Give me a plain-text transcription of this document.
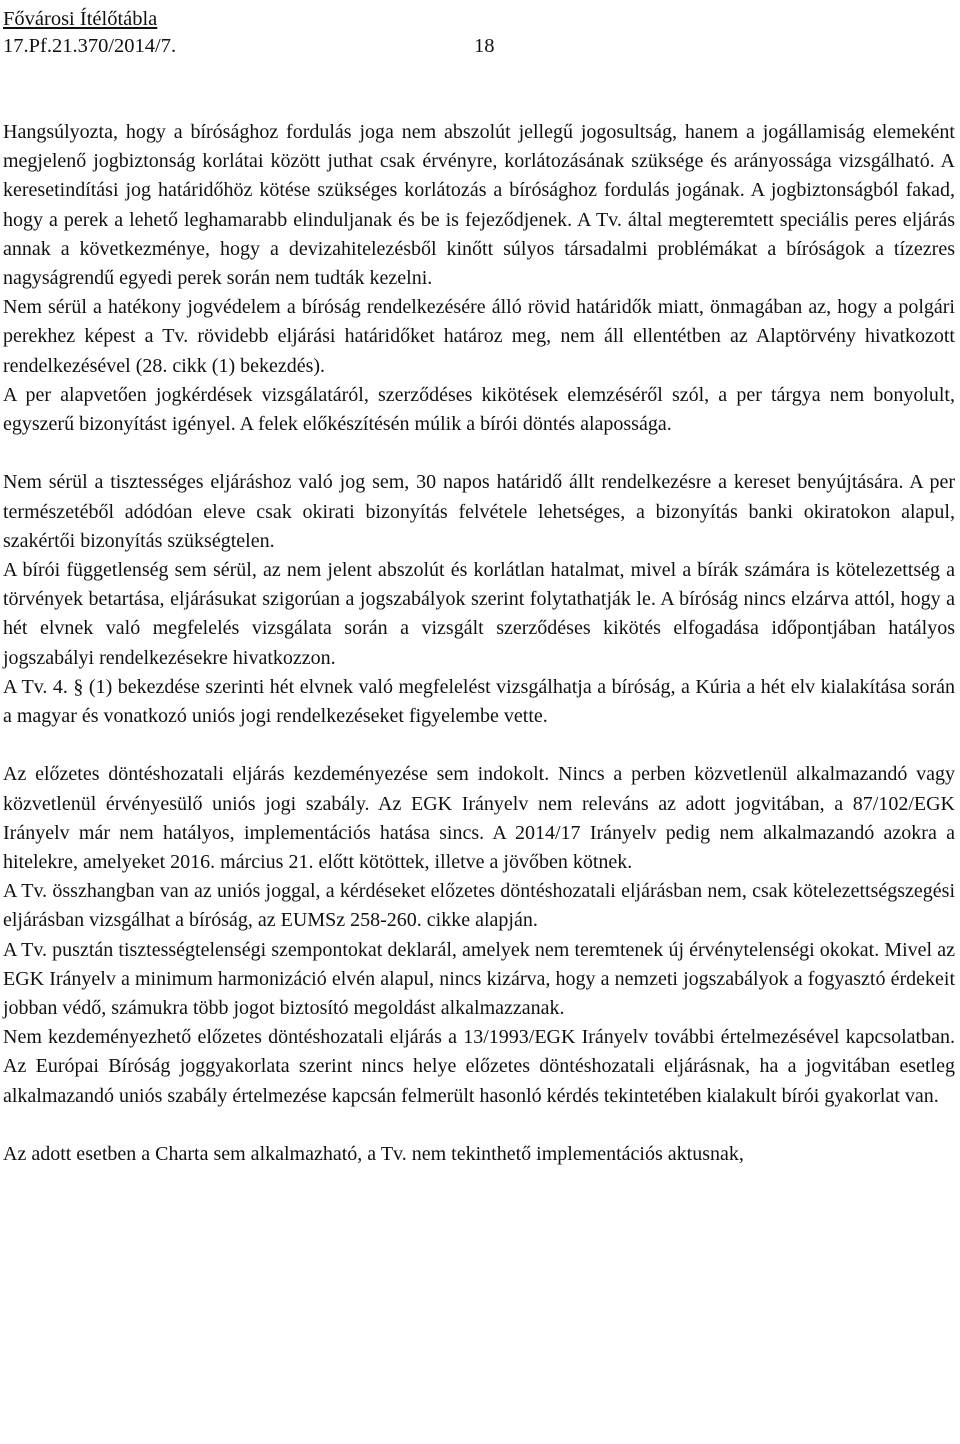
Fővárosi Ítélőtábla
17.Pf.21.370/2014/7.	18

Hangsúlyozta, hogy a bírósághoz fordulás joga nem abszolút jellegű jogosultság, hanem a jogállamiság elemeként megjelenő jogbiztonság korlátai között juthat csak érvényre, korlátozásának szüksége és arányossága vizsgálható. A keresetindítási jog határidőhöz kötése szükséges korlátozás a bírósághoz fordulás jogának. A jogbiztonságból fakad, hogy a perek a lehető leghamarabb elinduljanak és be is fejeződjenek. A Tv. által megteremtett speciális peres eljárás annak a következménye, hogy a devizahitelezésből kinőtt súlyos társadalmi problémákat a bíróságok a tízezres nagyságrendű egyedi perek során nem tudták kezelni.

Nem sérül a hatékony jogvédelem a bíróság rendelkezésére álló rövid határidők miatt, önmagában az, hogy a polgári perekhez képest a Tv. rövidebb eljárási határidőket határoz meg, nem áll ellentétben az Alaptörvény hivatkozott rendelkezésével (28. cikk (1) bekezdés).

A per alapvetően jogkérdések vizsgálatáról, szerződéses kikötések elemzéséről szól, a per tárgya nem bonyolult, egyszerű bizonyítást igényel. A felek előkészítésén múlik a bírói döntés alapossága.

Nem sérül a tisztességes eljáráshoz való jog sem, 30 napos határidő állt rendelkezésre a kereset benyújtására. A per természetéből adódóan eleve csak okirati bizonyítás felvétele lehetséges, a bizonyítás banki okiratokon alapul, szakértői bizonyítás szükségtelen.

A bírói függetlenség sem sérül, az nem jelent abszolút és korlátlan hatalmat, mivel a bírák számára is kötelezettség a törvények betartása, eljárásukat szigorúan a jogszabályok szerint folytathatják le. A bíróság nincs elzárva attól, hogy a hét elvnek való megfelelés vizsgálata során a vizsgált szerződéses kikötés elfogadása időpontjában hatályos jogszabályi rendelkezésekre hivatkozzon.

A Tv. 4. § (1) bekezdése szerinti hét elvnek való megfelelést vizsgálhatja a bíróság, a Kúria a hét elv kialakítása során a magyar és vonatkozó uniós jogi rendelkezéseket figyelembe vette.

Az előzetes döntéshozatali eljárás kezdeményezése sem indokolt. Nincs a perben közvetlenül alkalmazandó vagy közvetlenül érvényesülő uniós jogi szabály. Az EGK Irányelv nem releváns az adott jogvitában, a 87/102/EGK Irányelv már nem hatályos, implementációs hatása sincs. A 2014/17 Irányelv pedig nem alkalmazandó azokra a hitelekre, amelyeket 2016. március 21. előtt kötöttek, illetve a jövőben kötnek.

A Tv. összhangban van az uniós joggal, a kérdéseket előzetes döntéshozatali eljárásban nem, csak kötelezettségszegési eljárásban vizsgálhat a bíróság, az EUMSz 258-260. cikke alapján.

A Tv. pusztán tisztességtelenségi szempontokat deklarál, amelyek nem teremtenek új érvénytelenségi okokat. Mivel az EGK Irányelv a minimum harmonizáció elvén alapul, nincs kizárva, hogy a nemzeti jogszabályok a fogyasztó érdekeit jobban védő, számukra több jogot biztosító megoldást alkalmazzanak.

Nem kezdeményezhető előzetes döntéshozatali eljárás a 13/1993/EGK Irányelv további értelmezésével kapcsolatban. Az Európai Bíróság joggyakorlata szerint nincs helye előzetes döntéshozatali eljárásnak, ha a jogvitában esetleg alkalmazandó uniós szabály értelmezése kapcsán felmerült hasonló kérdés tekintetében kialakult bírói gyakorlat van.

Az adott esetben a Charta sem alkalmazható, a Tv. nem tekinthető implementációs aktusnak,
